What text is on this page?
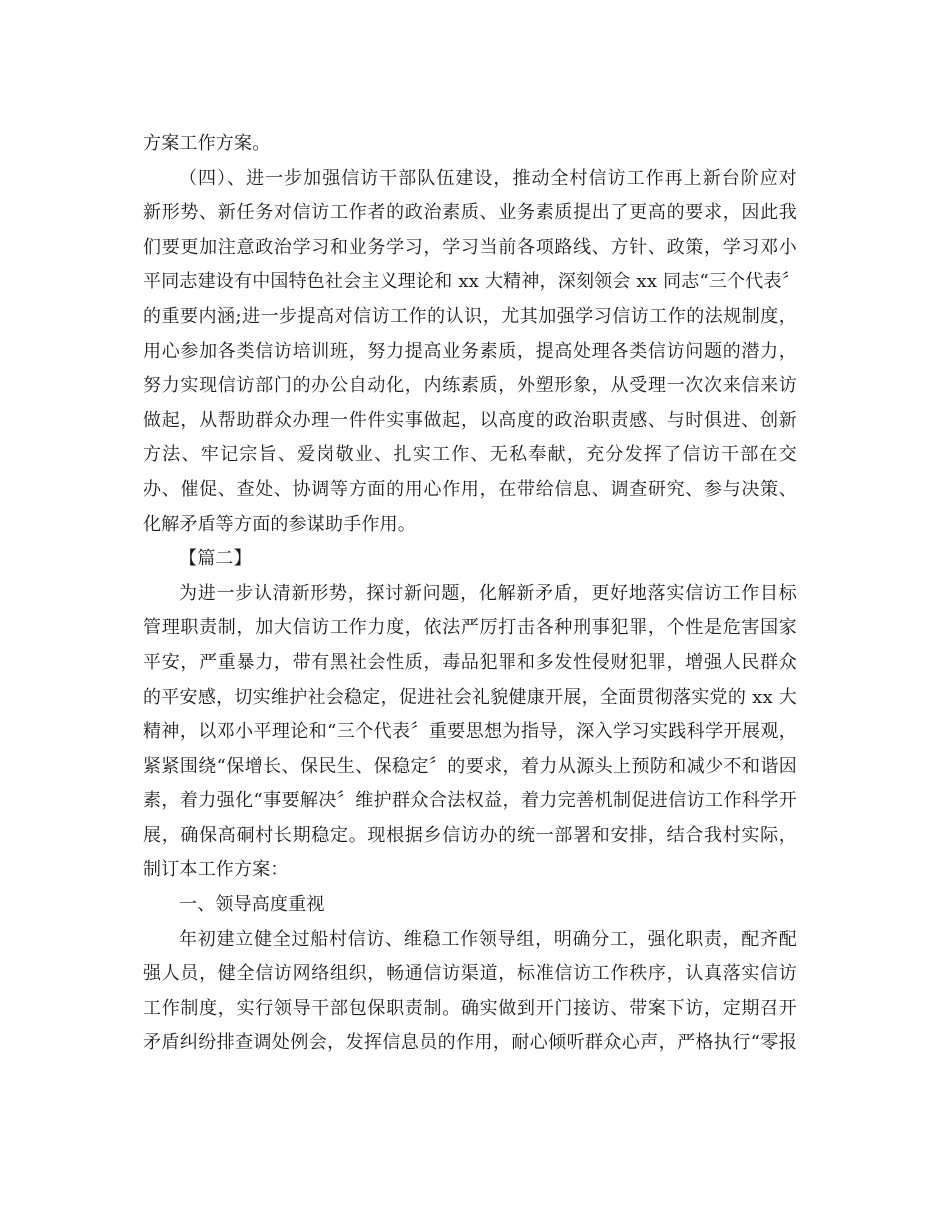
方案工作方案。
（四）、进一步加强信访干部队伍建设，推动全村信访工作再上新台阶应对
新形势、新任务对信访工作者的政治素质、业务素质提出了更高的要求，因此我
们要更加注意政治学习和业务学习，学习当前各项路线、方针、政策，学习邓小
平同志建设有中国特色社会主义理论和 xx 大精神，深刻领会 xx 同志“三个代表〞
的重要内涵;进一步提高对信访工作的认识，尤其加强学习信访工作的法规制度，
用心参加各类信访培训班，努力提高业务素质，提高处理各类信访问题的潜力，
努力实现信访部门的办公自动化，内练素质，外塑形象，从受理一次次来信来访
做起，从帮助群众办理一件件实事做起，以高度的政治职责感、与时俱进、创新
方法、牢记宗旨、爱岗敬业、扎实工作、无私奉献，充分发挥了信访干部在交
办、催促、查处、协调等方面的用心作用，在带给信息、调查研究、参与决策、
化解矛盾等方面的参谋助手作用。
【篇二】
为进一步认清新形势，探讨新问题，化解新矛盾，更好地落实信访工作目标
管理职责制，加大信访工作力度，依法严厉打击各种刑事犯罪，个性是危害国家
平安，严重暴力，带有黑社会性质，毒品犯罪和多发性侵财犯罪，增强人民群众
的平安感，切实维护社会稳定，促进社会礼貌健康开展，全面贯彻落实党的 xx 大
精神，以邓小平理论和“三个代表〞重要思想为指导，深入学习实践科学开展观，
紧紧围绕“保增长、保民生、保稳定〞的要求，着力从源头上预防和减少不和谐因
素，着力强化“事要解决〞维护群众合法权益，着力完善机制促进信访工作科学开
展，确保高硐村长期稳定。现根据乡信访办的统一部署和安排，结合我村实际，
制订本工作方案：
一、领导高度重视
年初建立健全过船村信访、维稳工作领导组，明确分工，强化职责，配齐配
强人员，健全信访网络组织，畅通信访渠道，标准信访工作秩序，认真落实信访
工作制度，实行领导干部包保职责制。确实做到开门接访、带案下访，定期召开
矛盾纠纷排查调处例会，发挥信息员的作用，耐心倾听群众心声，严格执行“零报
